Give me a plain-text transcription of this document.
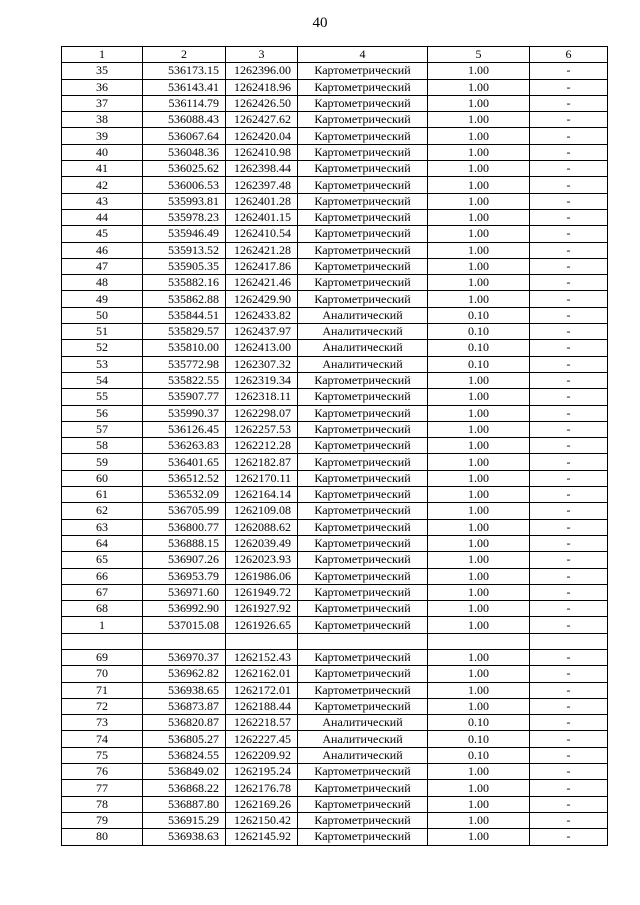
40
1	2	3	4	5	6
35	536173.15	1262396.00	Картометрический	1.00	-
36	536143.41	1262418.96	Картометрический	1.00	-
37	536114.79	1262426.50	Картометрический	1.00	-
38	536088.43	1262427.62	Картометрический	1.00	-
39	536067.64	1262420.04	Картометрический	1.00	-
40	536048.36	1262410.98	Картометрический	1.00	-
41	536025.62	1262398.44	Картометрический	1.00	-
42	536006.53	1262397.48	Картометрический	1.00	-
43	535993.81	1262401.28	Картометрический	1.00	-
44	535978.23	1262401.15	Картометрический	1.00	-
45	535946.49	1262410.54	Картометрический	1.00	-
46	535913.52	1262421.28	Картометрический	1.00	-
47	535905.35	1262417.86	Картометрический	1.00	-
48	535882.16	1262421.46	Картометрический	1.00	-
49	535862.88	1262429.90	Картометрический	1.00	-
50	535844.51	1262433.82	Аналитический	0.10	-
51	535829.57	1262437.97	Аналитический	0.10	-
52	535810.00	1262413.00	Аналитический	0.10	-
53	535772.98	1262307.32	Аналитический	0.10	-
54	535822.55	1262319.34	Картометрический	1.00	-
55	535907.77	1262318.11	Картометрический	1.00	-
56	535990.37	1262298.07	Картометрический	1.00	-
57	536126.45	1262257.53	Картометрический	1.00	-
58	536263.83	1262212.28	Картометрический	1.00	-
59	536401.65	1262182.87	Картометрический	1.00	-
60	536512.52	1262170.11	Картометрический	1.00	-
61	536532.09	1262164.14	Картометрический	1.00	-
62	536705.99	1262109.08	Картометрический	1.00	-
63	536800.77	1262088.62	Картометрический	1.00	-
64	536888.15	1262039.49	Картометрический	1.00	-
65	536907.26	1262023.93	Картометрический	1.00	-
66	536953.79	1261986.06	Картометрический	1.00	-
67	536971.60	1261949.72	Картометрический	1.00	-
68	536992.90	1261927.92	Картометрический	1.00	-
1	537015.08	1261926.65	Картометрический	1.00	-

69	536970.37	1262152.43	Картометрический	1.00	-
70	536962.82	1262162.01	Картометрический	1.00	-
71	536938.65	1262172.01	Картометрический	1.00	-
72	536873.87	1262188.44	Картометрический	1.00	-
73	536820.87	1262218.57	Аналитический	0.10	-
74	536805.27	1262227.45	Аналитический	0.10	-
75	536824.55	1262209.92	Аналитический	0.10	-
76	536849.02	1262195.24	Картометрический	1.00	-
77	536868.22	1262176.78	Картометрический	1.00	-
78	536887.80	1262169.26	Картометрический	1.00	-
79	536915.29	1262150.42	Картометрический	1.00	-
80	536938.63	1262145.92	Картометрический	1.00	-
